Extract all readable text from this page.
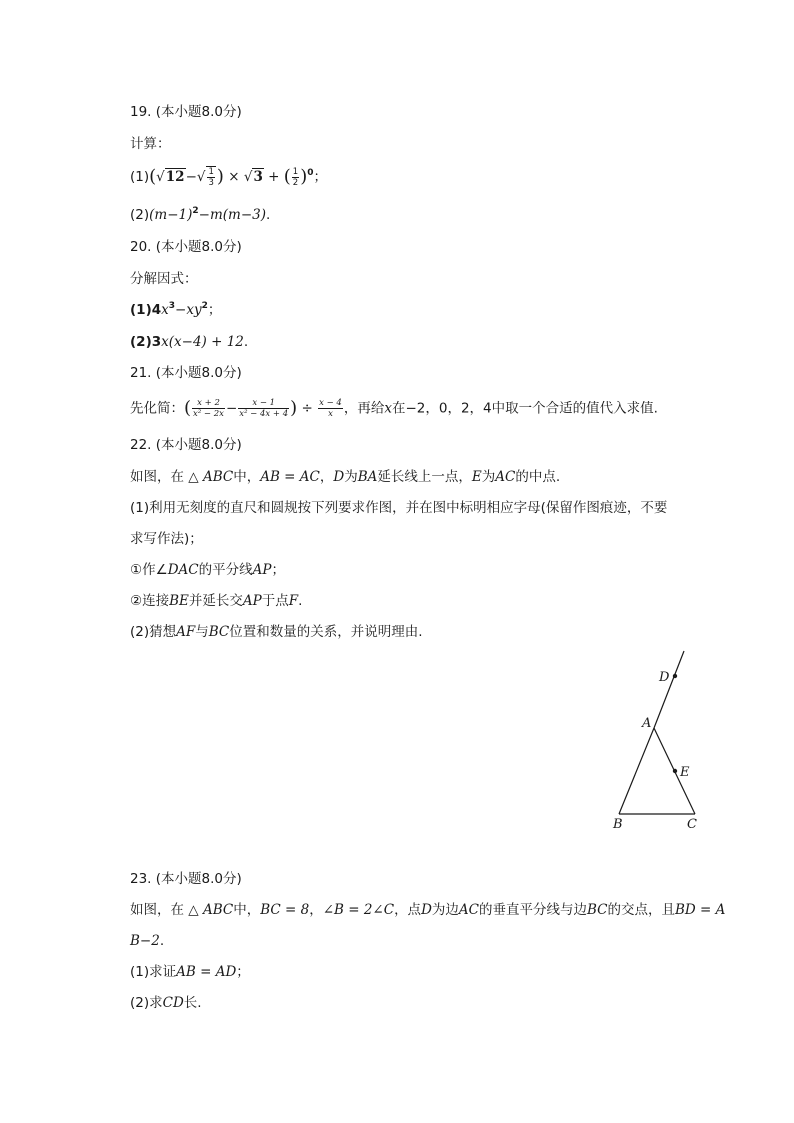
19. (本小题8.0分)
计算：
$(1)(√12-√ \frac{1}{3}$ ) × √3 + ( $\frac{1}{2} )^0$；
$(2)(m-1)^2-m(m-3)$.
20. (本小题8.0分)
分解因式：
$(1)4x^3-xy^2$；
(2)3x(x−4) + 12.
21. (本小题8.0分)
先化简：( $\frac{x + 2}{\text{x² − 2x}} - \frac{x - 1}{\text{x² − 4x + 4}}$ ) ÷ $\frac{x - 4}{x}$ ，再给x在−2，0，2，4中取一个合适的值代入求值.
22. (本小题8.0分)
如图，在 △ ABC中，AB = AC，D为BA延长线上一点，E为AC的中点.
(1)利用无刻度的直尺和圆规按下列要求作图，并在图中标明相应字母(保留作图痕迹，不要
求写作法)；
①作∠DAC的平分线AP；
②连接BE并延长交AP于点F.
(2)猜想AF与BC位置和数量的关系，并说明理由.
D
A
E
B	C
23. (本小题8.0分)
如图，在 △ ABC中，BC = 8，∠B = 2∠C，点D为边AC的垂直平分线与边BC的交点，且BD = A
B−2.
(1)求证AB = AD；
(2)求CD长.
